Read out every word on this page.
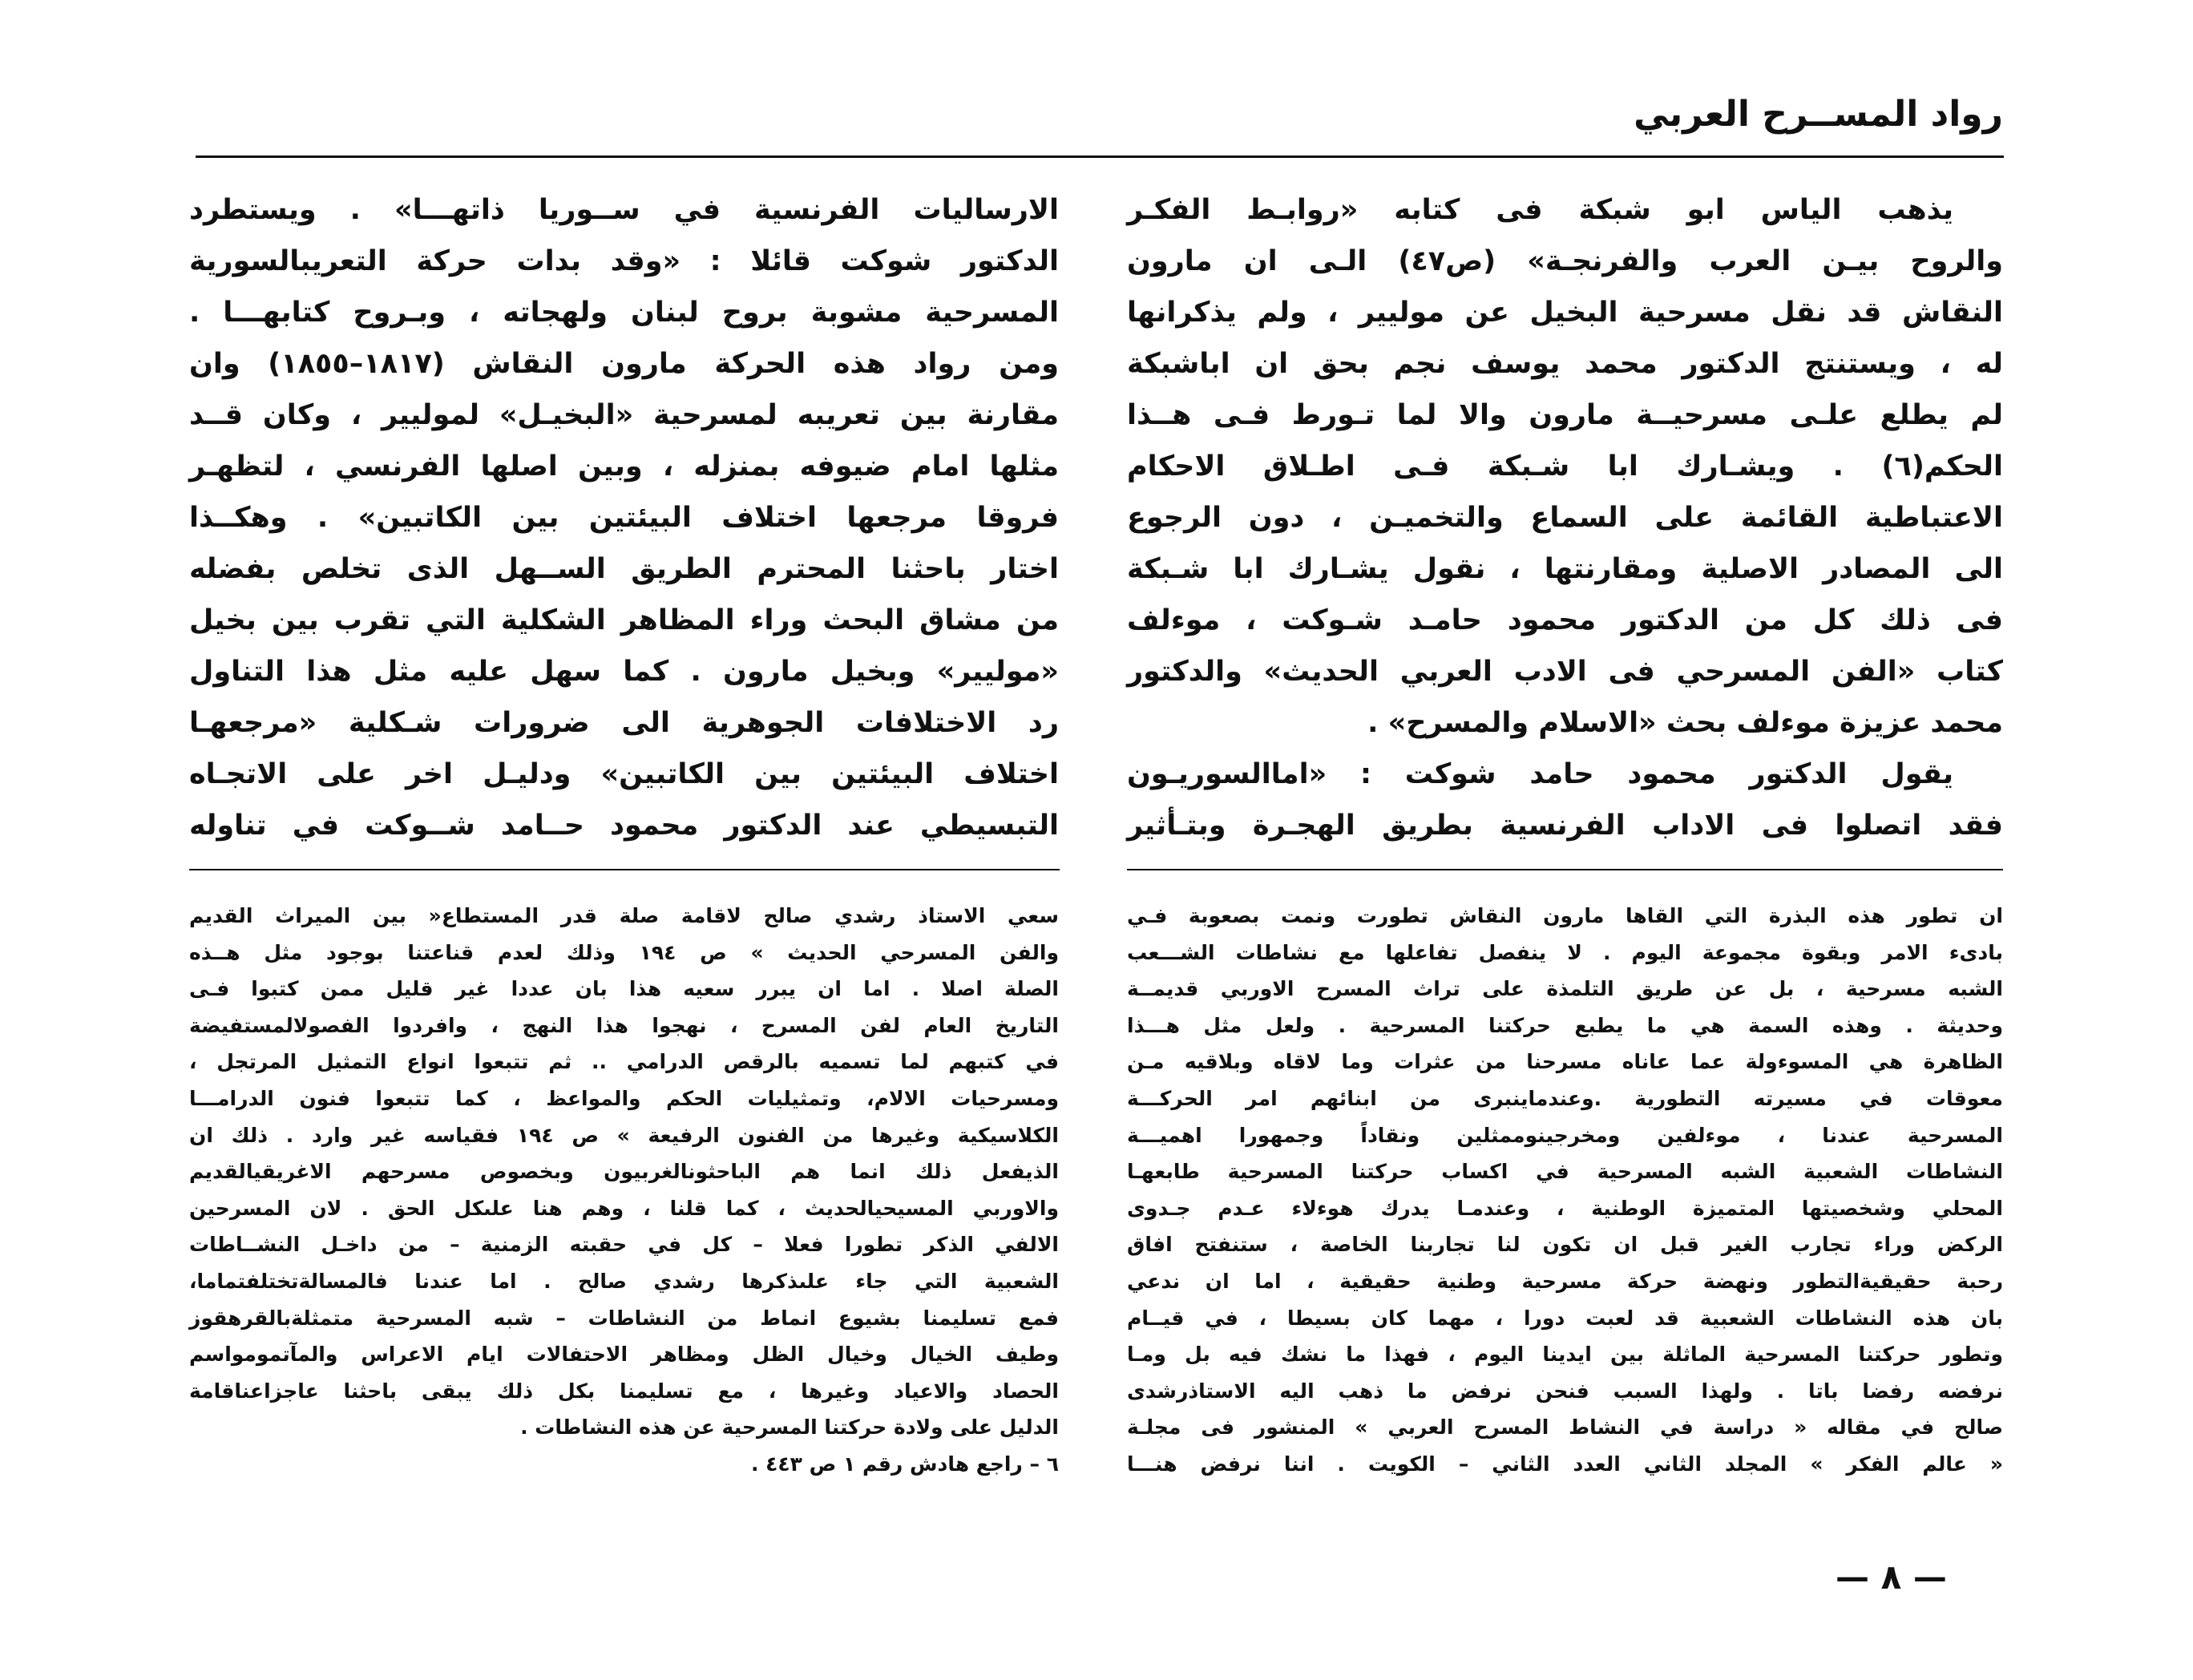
رواد المســرح العربي
يذهب الياس ابو شبكة فى كتابه «روابـط الفكـر
والروح بيـن العرب والفرنجـة» (ص٤٧) الـى ان مارون
النقاش قد نقل مسرحية البخيل عن موليير ، ولم يذكرانها
له ، ويستنتج الدكتور محمد يوسف نجم بحق ان اباشبكة
لم يطلع علـى مسرحيــة مارون والا لما تـورط فـى هــذا
الحكم(٦) . ويشـارك ابا شـبكة فـى اطـلاق الاحكام
الاعتباطية القائمة على السماع والتخميـن ، دون الرجوع
الى المصادر الاصلية ومقارنتها ، نقول يشـارك ابا شـبكة
فى ذلك كل من الدكتور محمود حامـد شـوكت ، موءلف
كتاب «الفن المسرحي فى الادب العربي الحديث» والدكتور
محمد عزيزة موءلف بحث «الاسلام والمسرح» .
يقول الدكتور محمود حامد شوكت : «اماالسوريـون
فقد اتصلوا فى الاداب الفرنسية بطريق الهجـرة وبتـأثير
الارساليات الفرنسية في ســوريا ذاتهـــا» . ويستطرد
الدكتور شوكت قائلا : «وقد بدات حركة التعريبالسورية
المسرحية مشوبة بروح لبنان ولهجاته ، وبـروح كتابهـــا .
ومن رواد هذه الحركة مارون النقاش (١٨١٧–١٨٥٥) وان
مقارنة بين تعريبه لمسرحية «البخيـل» لموليير ، وكان قــد
مثلها امام ضيوفه بمنزله ، وبين اصلها الفرنسي ، لتظهـر
فروقا مرجعها اختلاف البيئتين بين الكاتبين» . وهكــذا
اختار باحثنا المحترم الطريق الســهل الذى تخلص بفضله
من مشاق البحث وراء المظاهر الشكلية التي تقرب بين بخيل
«موليير» وبخيل مارون . كما سهل عليه مثل هذا التناول
رد الاختلافات الجوهرية الى ضرورات شـكلية «مرجعهـا
اختلاف البيئتين بين الكاتبين» ودليـل اخر على الاتجـاه
التبسيطي عند الدكتور محمود حــامد شــوكت في تناوله
ان تطور هذه البذرة التي القاها مارون النقاش تطورت ونمت بصعوبة فـي
بادىء الامر وبقوة مجموعة اليوم . لا ينفصل تفاعلها مع نشاطات الشـــعب
الشبه مسرحية ، بل عن طريق التلمذة على تراث المسرح الاوربي قديمــة
وحديثة . وهذه السمة هي ما يطبع حركتنا المسرحية . ولعل مثل هـــذا
الظاهرة هي المسوءولة عما عاناه مسرحنا من عثرات وما لاقاه وبلاقيه مـن
معوقات في مسيرته التطورية .وعندماينبرى من ابنائهم امر الحركـــة
المسرحية عندنا ، موءلفين ومخرجينوممثلين ونقاداً وجمهورا اهميـــة
النشاطات الشعبية الشبه المسرحية في اكساب حركتنا المسرحية طابعهـا
المحلي وشخصيتها المتميزة الوطنية ، وعندمـا يدرك هوءلاء عـدم جـدوى
الركض وراء تجارب الغير قبل ان تكون لنا تجاربنا الخاصة ، ستنفتح افاق
رحبة حقيقيةالتطور ونهضة حركة مسرحية وطنية حقيقية ، اما ان ندعي
بان هذه النشاطات الشعبية قد لعبت دورا ، مهما كان بسيطا ، في قيــام
وتطور حركتنا المسرحية الماثلة بين ايدينا اليوم ، فهذا ما نشك فيه بل ومـا
نرفضه رفضا باتا . ولهذا السبب فنحن نرفض ما ذهب اليه الاستاذرشدى
صالح في مقاله « دراسة في النشاط المسرح العربي » المنشور فى مجلـة
« عالم الفكر » المجلد الثاني العدد الثاني – الكويت . اننا نرفض هنـــا
سعي الاستاذ رشدي صالح لاقامة صلة قدر المستطاع« بين الميراث القديم
والفن المسرحي الحديث » ص ١٩٤ وذلك لعدم قناعتنا بوجود مثل هــذه
الصلة اصلا . اما ان يبرر سعيه هذا بان عددا غير قليل ممن كتبوا فـى
التاريخ العام لفن المسرح ، نهجوا هذا النهج ، وافردوا الفصولالمستفيضة
في كتبهم لما تسميه بالرقص الدرامي .. ثم تتبعوا انواع التمثيل المرتجل ،
ومسرحيات الالام، وتمثيليات الحكم والمواعظ ، كما تتبعوا فنون الدرامـــا
الكلاسيكية وغيرها من الفنون الرفيعة » ص ١٩٤ فقياسه غير وارد . ذلك ان
الذيفعل ذلك انما هم الباحثونالغربيون وبخصوص مسرحهم الاغريقيالقديم
والاوربي المسيحيالحديث ، كما قلنا ، وهم هنا علىكل الحق . لان المسرحين
الالفي الذكر تطورا فعلا – كل في حقبته الزمنية – من داخـل النشــاطات
الشعبية التي جاء علىذكرها رشدي صالح . اما عندنا فالمسالةتختلفتماما،
فمع تسليمنا بشيوع انماط من النشاطات – شبه المسرحية متمثلةبالقرهقوز
وطيف الخيال وخيال الظل ومظاهر الاحتفالات ايام الاعراس والمآتمومواسم
الحصاد والاعياد وغيرها ، مع تسليمنا بكل ذلك يبقى باحثنا عاجزاعناقامة
الدليل على ولادة حركتنا المسرحية عن هذه النشاطات .
٦ – راجع هادش رقم ١ ص ٤٤٣ .
— ٨ —
